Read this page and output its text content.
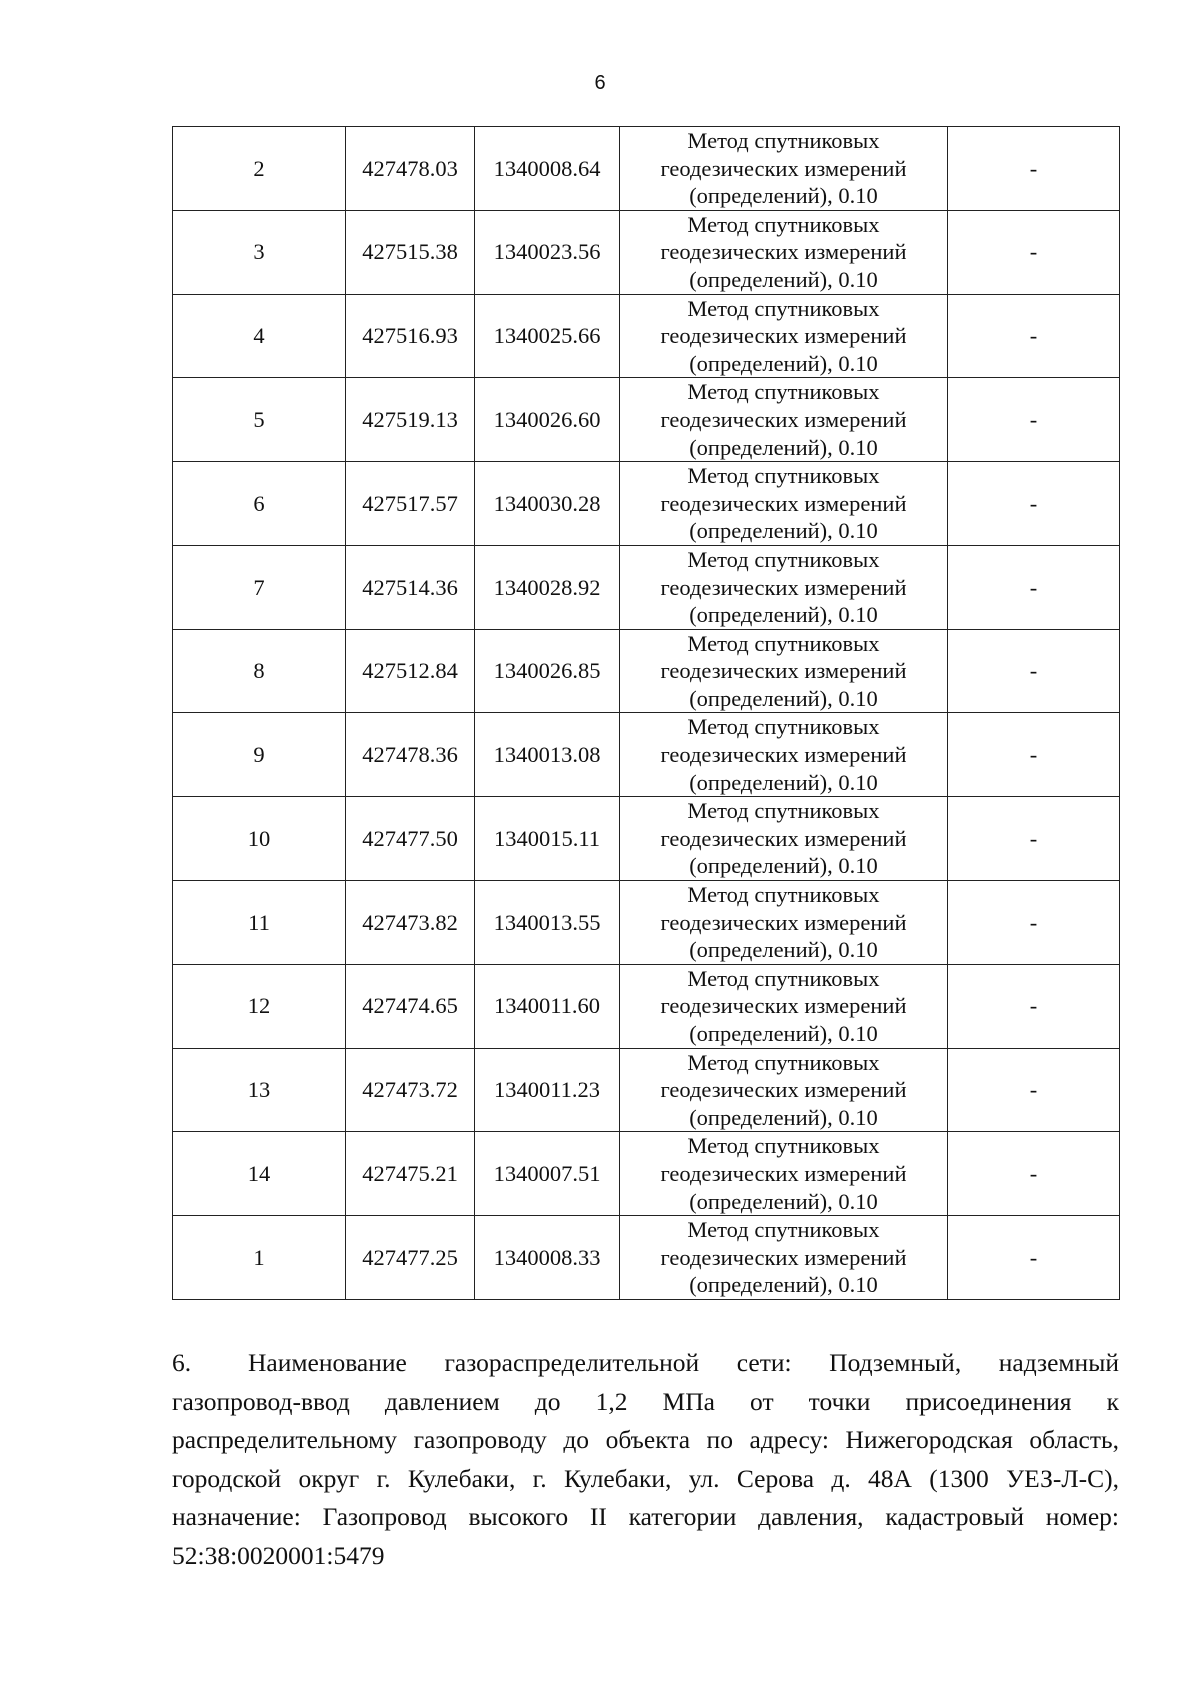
6
2	427478.03	1340008.64	Метод спутниковых
геодезических измерений
(определений), 0.10	-
3	427515.38	1340023.56	Метод спутниковых
геодезических измерений
(определений), 0.10	-
4	427516.93	1340025.66	Метод спутниковых
геодезических измерений
(определений), 0.10	-
5	427519.13	1340026.60	Метод спутниковых
геодезических измерений
(определений), 0.10	-
6	427517.57	1340030.28	Метод спутниковых
геодезических измерений
(определений), 0.10	-
7	427514.36	1340028.92	Метод спутниковых
геодезических измерений
(определений), 0.10	-
8	427512.84	1340026.85	Метод спутниковых
геодезических измерений
(определений), 0.10	-
9	427478.36	1340013.08	Метод спутниковых
геодезических измерений
(определений), 0.10	-
10	427477.50	1340015.11	Метод спутниковых
геодезических измерений
(определений), 0.10	-
11	427473.82	1340013.55	Метод спутниковых
геодезических измерений
(определений), 0.10	-
12	427474.65	1340011.60	Метод спутниковых
геодезических измерений
(определений), 0.10	-
13	427473.72	1340011.23	Метод спутниковых
геодезических измерений
(определений), 0.10	-
14	427475.21	1340007.51	Метод спутниковых
геодезических измерений
(определений), 0.10	-
1	427477.25	1340008.33	Метод спутниковых
геодезических измерений
(определений), 0.10	-
6. Наименование газораспределительной сети: Подземный, надземный газопровод-ввод давлением до 1,2 МПа от точки присоединения к распределительному газопроводу до объекта по адресу: Нижегородская область, городской округ г. Кулебаки, г. Кулебаки, ул. Серова д. 48А (1300 УЕЗ-Л-С), назначение: Газопровод высокого II категории давления, кадастровый номер: 52:38:0020001:5479
